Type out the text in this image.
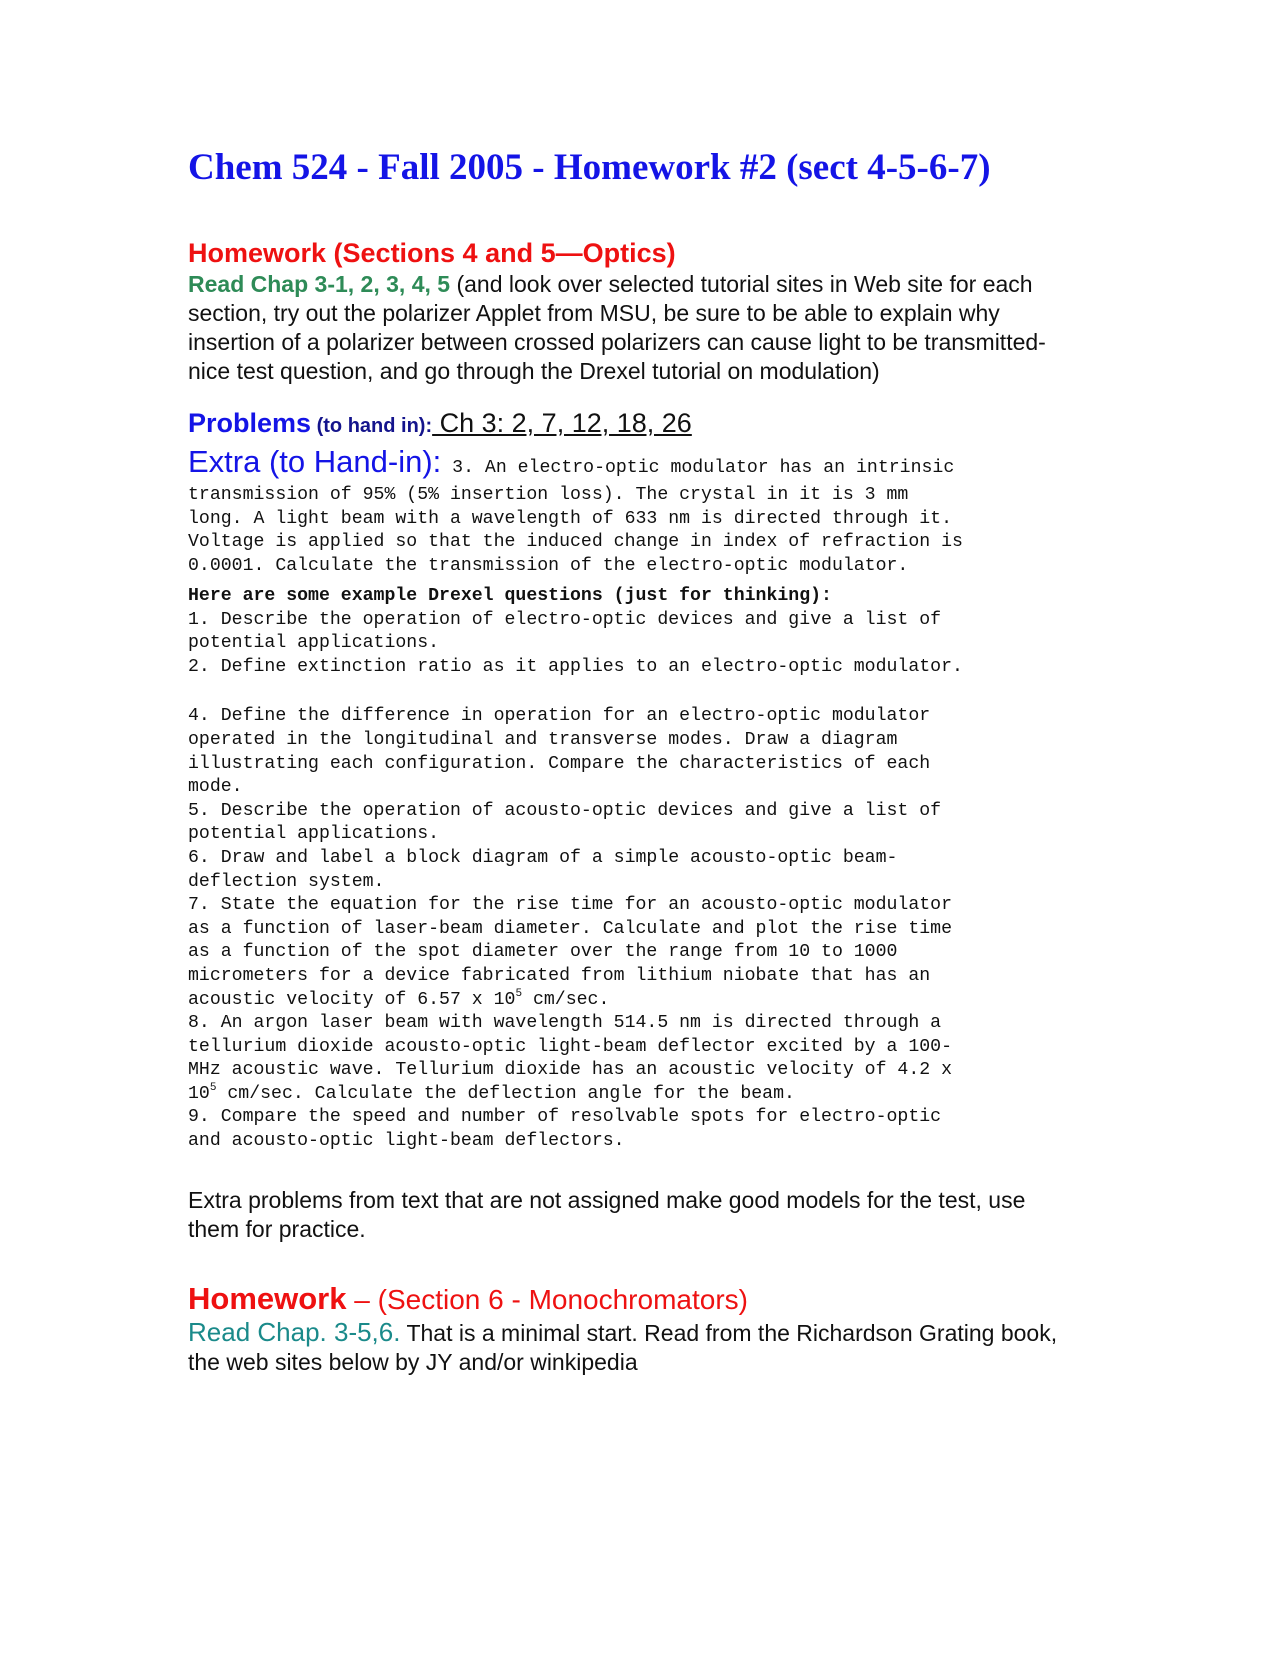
Chem 524 - Fall 2005 - Homework #2 (sect 4-5-6-7)
Homework (Sections 4 and 5—Optics)
Read Chap 3-1, 2, 3, 4, 5 (and look over selected tutorial sites in Web site for each section, try out the polarizer Applet from MSU, be sure to be able to explain why insertion of a polarizer between crossed polarizers can cause light to be transmitted-nice test question, and go through the Drexel tutorial on modulation)
Problems (to hand in): Ch 3: 2, 7, 12, 18, 26
Extra (to Hand-in): 3. An electro-optic modulator has an intrinsic
transmission of 95% (5% insertion loss). The crystal in it is 3 mm
long. A light beam with a wavelength of 633 nm is directed through it.
Voltage is applied so that the induced change in index of refraction is
0.0001. Calculate the transmission of the electro-optic modulator.
Here are some example Drexel questions (just for thinking):
1. Describe the operation of electro-optic devices and give a list of
potential applications.
2. Define extinction ratio as it applies to an electro-optic modulator.
4. Define the difference in operation for an electro-optic modulator
operated in the longitudinal and transverse modes. Draw a diagram
illustrating each configuration. Compare the characteristics of each
mode.
5. Describe the operation of acousto-optic devices and give a list of
potential applications.
6. Draw and label a block diagram of a simple acousto-optic beam-
deflection system.
7. State the equation for the rise time for an acousto-optic modulator
as a function of laser-beam diameter. Calculate and plot the rise time
as a function of the spot diameter over the range from 10 to 1000
micrometers for a device fabricated from lithium niobate that has an
acoustic velocity of 6.57 x $10^5$ cm/sec.
8. An argon laser beam with wavelength 514.5 nm is directed through a
tellurium dioxide acousto-optic light-beam deflector excited by a 100-
MHz acoustic wave. Tellurium dioxide has an acoustic velocity of 4.2 x
$10^5$ cm/sec. Calculate the deflection angle for the beam.
9. Compare the speed and number of resolvable spots for electro-optic
and acousto-optic light-beam deflectors.
Extra problems from text that are not assigned make good models for the test, use them for practice.
Homework – (Section 6 - Monochromators)
Read Chap. 3-5,6. That is a minimal start. Read from the Richardson Grating book, the web sites below by JY and/or winkipedia
